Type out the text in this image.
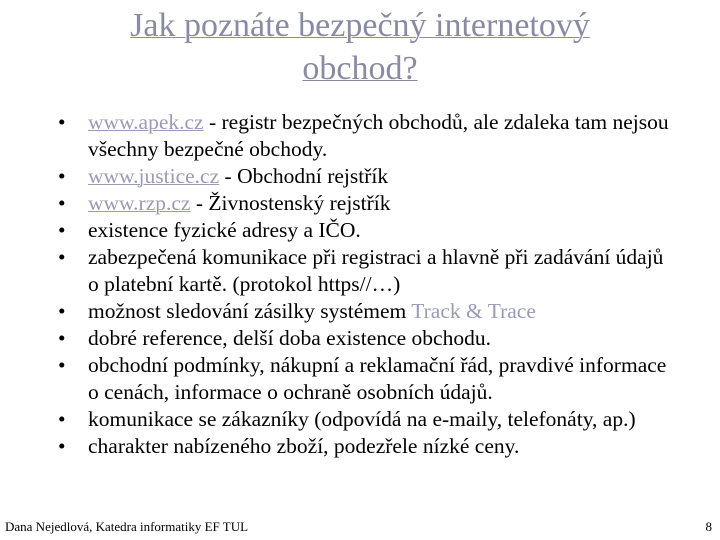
Jak poznáte bezpečný internetový
obchod?
•	www.apek.cz - registr bezpečných obchodů, ale zdaleka tam nejsou všechny bezpečné obchody.
•	www.justice.cz - Obchodní rejstřík
•	www.rzp.cz - Živnostenský rejstřík
•	existence fyzické adresy a IČO.
•	zabezpečená komunikace při registraci a hlavně při zadávání údajů o platební kartě. (protokol https//…)
•	možnost sledování zásilky systémem Track & Trace
•	dobré reference, delší doba existence obchodu.
•	obchodní podmínky, nákupní a reklamační řád, pravdivé informace o cenách, informace o ochraně osobních údajů.
•	komunikace se zákazníky (odpovídá na e-maily, telefonáty, ap.)
•	charakter nabízeného zboží, podezřele nízké ceny.
Dana Nejedlová, Katedra informatiky EF TUL	8
